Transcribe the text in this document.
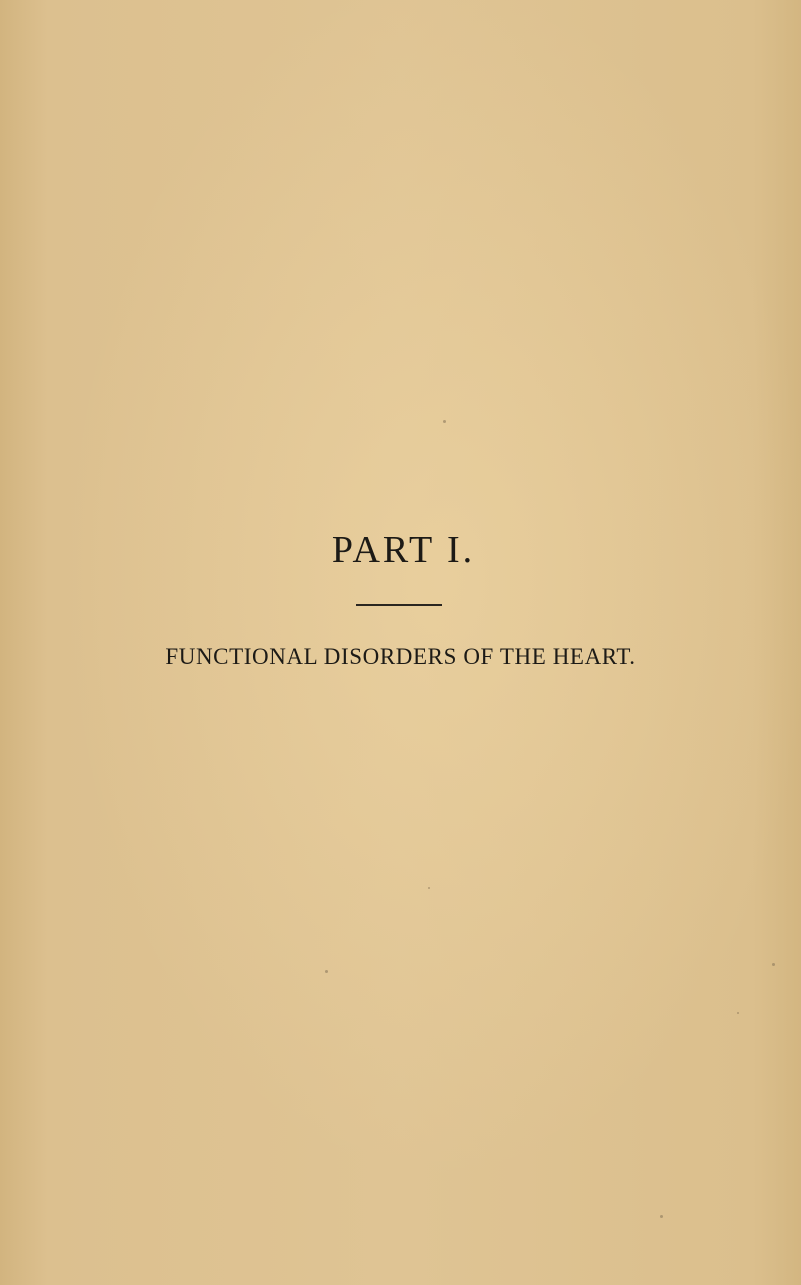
PART I.
FUNCTIONAL DISORDERS OF THE HEART.
